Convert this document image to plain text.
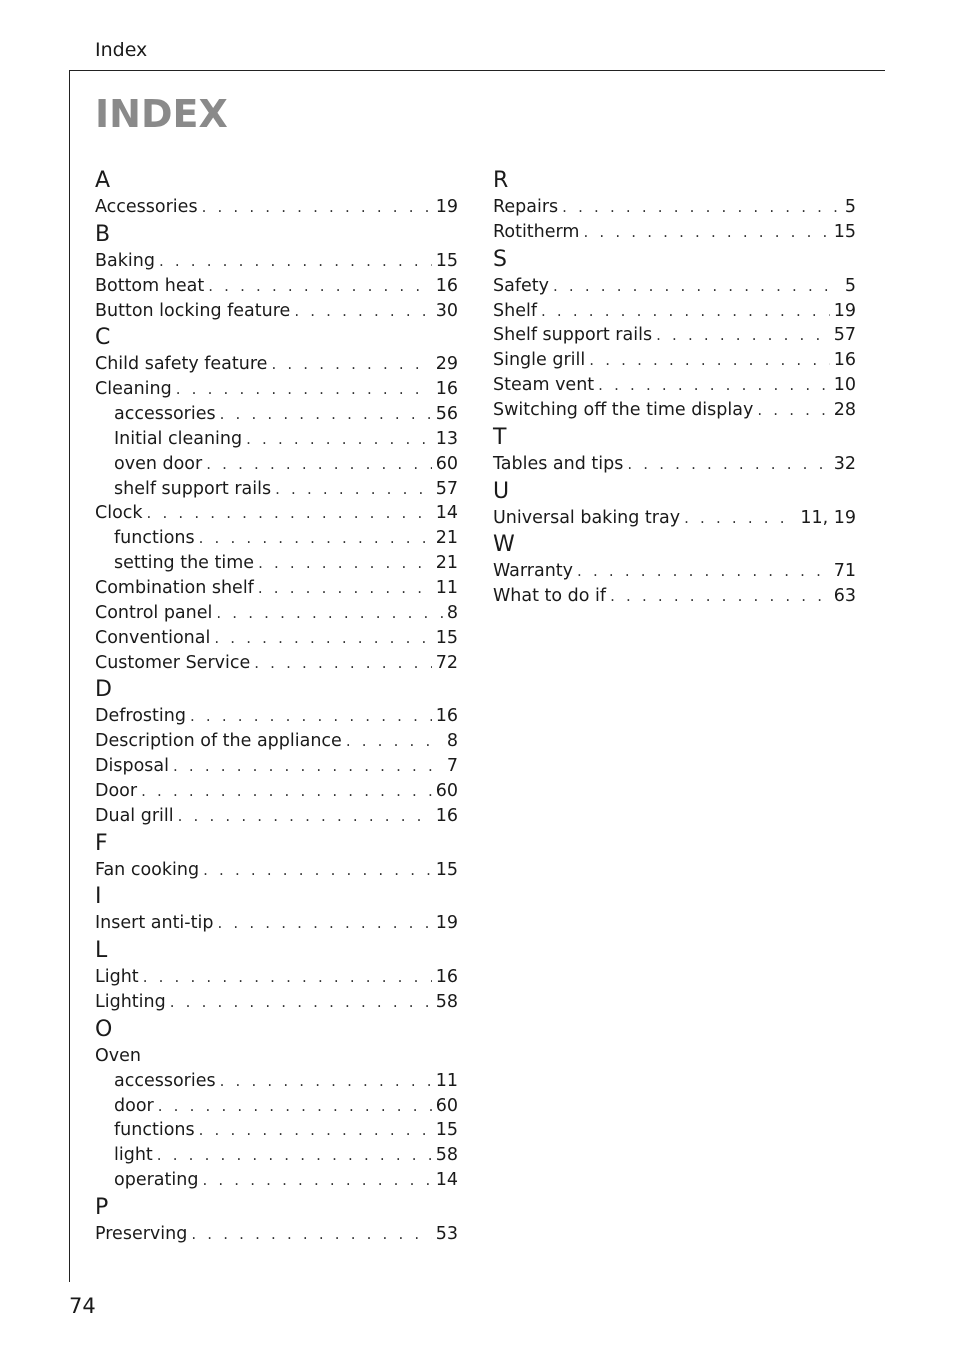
Index
INDEX
A
Accessories . . .	19
B
Baking . . .	15
Bottom heat . . .	16
Button locking feature . . .	30
C
Child safety feature . . .	29
Cleaning . . .	16
accessories . . .	56
Initial cleaning . . .	13
oven door . . .	60
shelf support rails . . .	57
Clock . . .	14
functions . . .	21
setting the time . . .	21
Combination shelf . . .	11
Control panel . . .	8
Conventional . . .	15
Customer Service . . .	72
D
Defrosting . . .	16
Description of the appliance . . .	8
Disposal . . .	7
Door . . .	60
Dual grill . . .	16
F
Fan cooking . . .	15
I
Insert anti-tip . . .	19
L
Light . . .	16
Lighting . . .	58
O
Oven
accessories . . .	11
door . . .	60
functions . . .	15
light . . .	58
operating . . .	14
P
Preserving . . .	53
R
Repairs . . .	5
Rotitherm . . .	15
S
Safety . . .	5
Shelf . . .	19
Shelf support rails . . .	57
Single grill . . .	16
Steam vent . . .	10
Switching off the time display . . .	28
T
Tables and tips . . .	32
U
Universal baking tray . . .	11, 19
W
Warranty . . .	71
What to do if . . .	63
74
